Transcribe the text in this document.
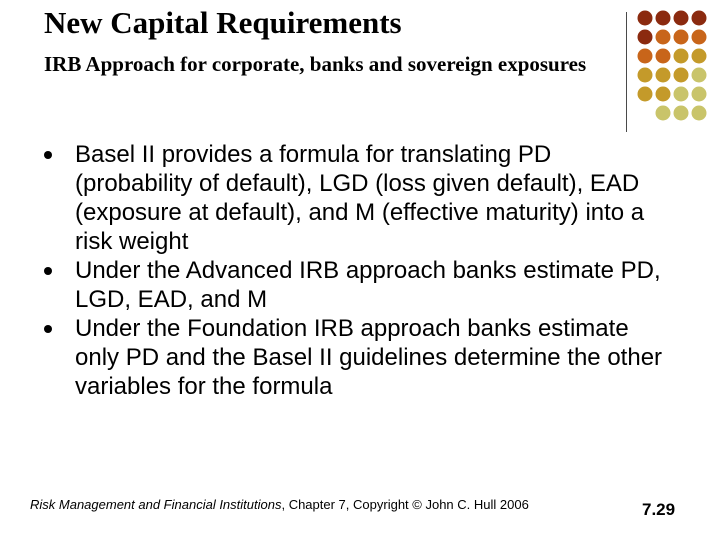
New Capital Requirements
IRB Approach for corporate, banks and sovereign exposures
Basel II provides a formula for translating PD (probability of default), LGD (loss given default), EAD (exposure at default), and M (effective maturity) into a risk weight
Under the Advanced IRB approach banks estimate PD, LGD, EAD, and M
Under the Foundation IRB approach banks estimate only PD and the Basel II guidelines determine the other variables for the formula
Risk Management and Financial Institutions, Chapter 7, Copyright © John C. Hull 2006	7.29
